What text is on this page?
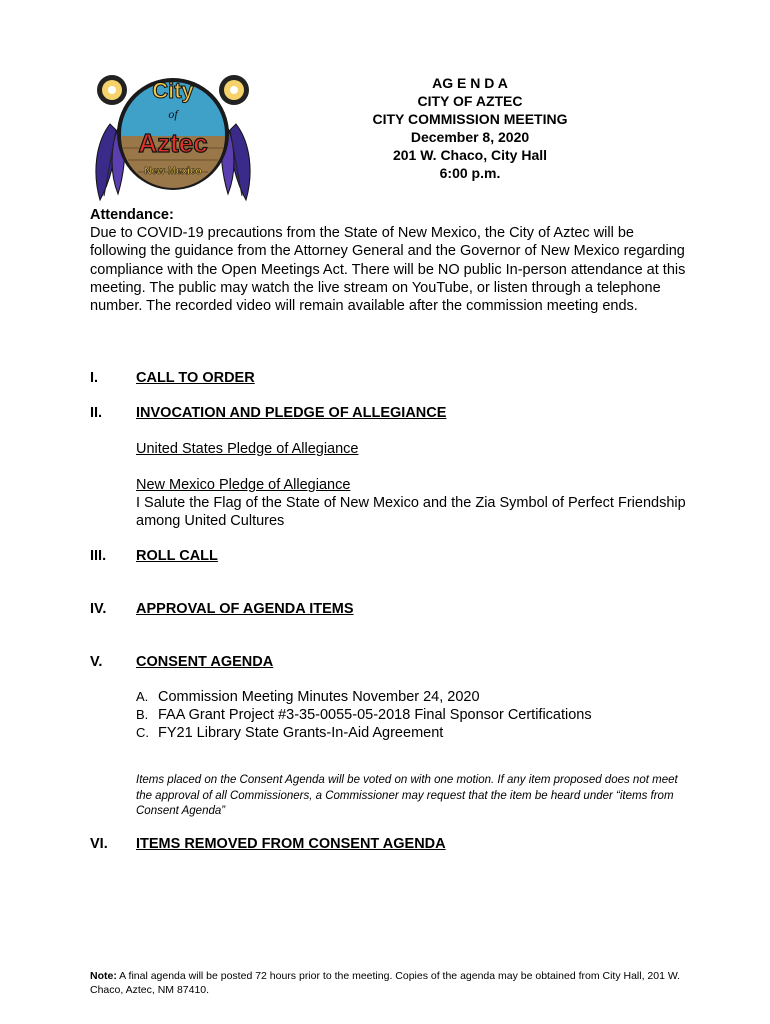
City
of
Aztec
New Mexico
AG E N D A
CITY OF AZTEC
CITY COMMISSION MEETING
December 8, 2020
201 W. Chaco, City Hall
6:00 p.m.
Attendance:
Due to COVID-19 precautions from the State of New Mexico, the City of Aztec will be following the guidance from the Attorney General and the Governor of New Mexico regarding compliance with the Open Meetings Act. There will be NO public In-person attendance at this meeting. The public may watch the live stream on YouTube, or listen through a telephone number. The recorded video will remain available after the commission meeting ends.
I.	CALL TO ORDER
II. INVOCATION AND PLEDGE OF ALLEGIANCE
United States Pledge of Allegiance
New Mexico Pledge of Allegiance
I Salute the Flag of the State of New Mexico and the Zia Symbol of Perfect Friendship among United Cultures
III. ROLL CALL
IV. APPROVAL OF AGENDA ITEMS
V. CONSENT AGENDA
A. Commission Meeting Minutes November 24, 2020
B. FAA Grant Project #3-35-0055-05-2018 Final Sponsor Certifications
C. FY21 Library State Grants-In-Aid Agreement
Items placed on the Consent Agenda will be voted on with one motion. If any item proposed does not meet the approval of all Commissioners, a Commissioner may request that the item be heard under “items from Consent Agenda”
VI. ITEMS REMOVED FROM CONSENT AGENDA
Note: A final agenda will be posted 72 hours prior to the meeting. Copies of the agenda may be obtained from City Hall, 201 W. Chaco, Aztec, NM 87410.
